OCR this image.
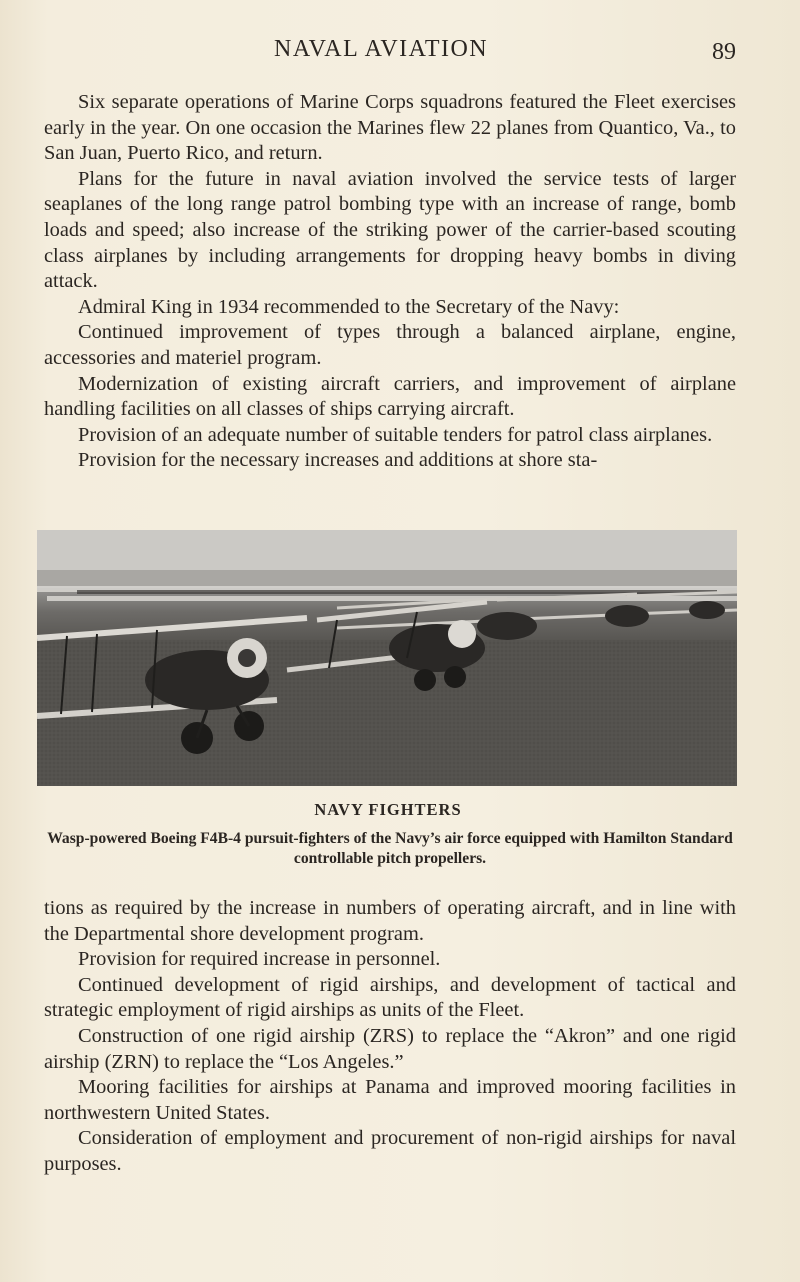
NAVAL AVIATION	89

Six separate operations of Marine Corps squadrons featured the Fleet exercises early in the year. On one occasion the Marines flew 22 planes from Quantico, Va., to San Juan, Puerto Rico, and return.

Plans for the future in naval aviation involved the service tests of larger seaplanes of the long range patrol bombing type with an increase of range, bomb loads and speed; also increase of the striking power of the carrier-based scouting class airplanes by including arrangements for dropping heavy bombs in diving attack.

Admiral King in 1934 recommended to the Secretary of the Navy:

Continued improvement of types through a balanced airplane, engine, accessories and materiel program.

Modernization of existing aircraft carriers, and improvement of airplane handling facilities on all classes of ships carrying aircraft.

Provision of an adequate number of suitable tenders for patrol class airplanes.

Provision for the necessary increases and additions at shore sta-

NAVY FIGHTERS
Wasp-powered Boeing F4B-4 pursuit-fighters of the Navy’s air force equipped with Hamilton Standard controllable pitch propellers.

tions as required by the increase in numbers of operating aircraft, and in line with the Departmental shore development program.

Provision for required increase in personnel.

Continued development of rigid airships, and development of tactical and strategic employment of rigid airships as units of the Fleet.

Construction of one rigid airship (ZRS) to replace the “Akron” and one rigid airship (ZRN) to replace the “Los Angeles.”

Mooring facilities for airships at Panama and improved mooring facilities in northwestern United States.

Consideration of employment and procurement of non-rigid airships for naval purposes.
